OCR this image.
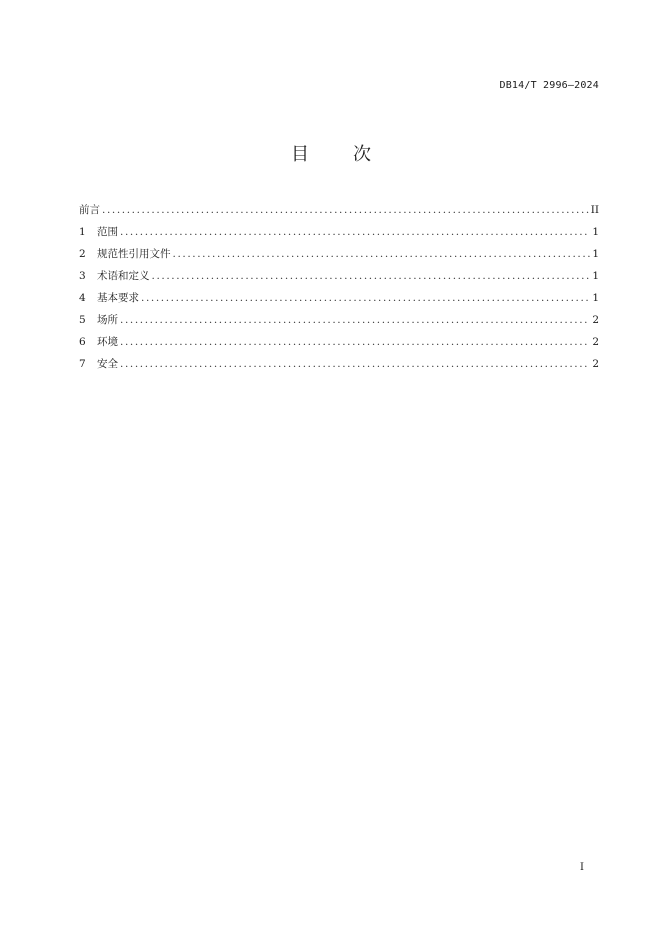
DB14/T 2996—2024
目 次
前言 .....	II
1	范围 .....	1
2	规范性引用文件 .....	1
3	术语和定义 .....	1
4	基本要求 .....	1
5	场所 .....	2
6	环境 .....	2
7	安全 .....	2
I
